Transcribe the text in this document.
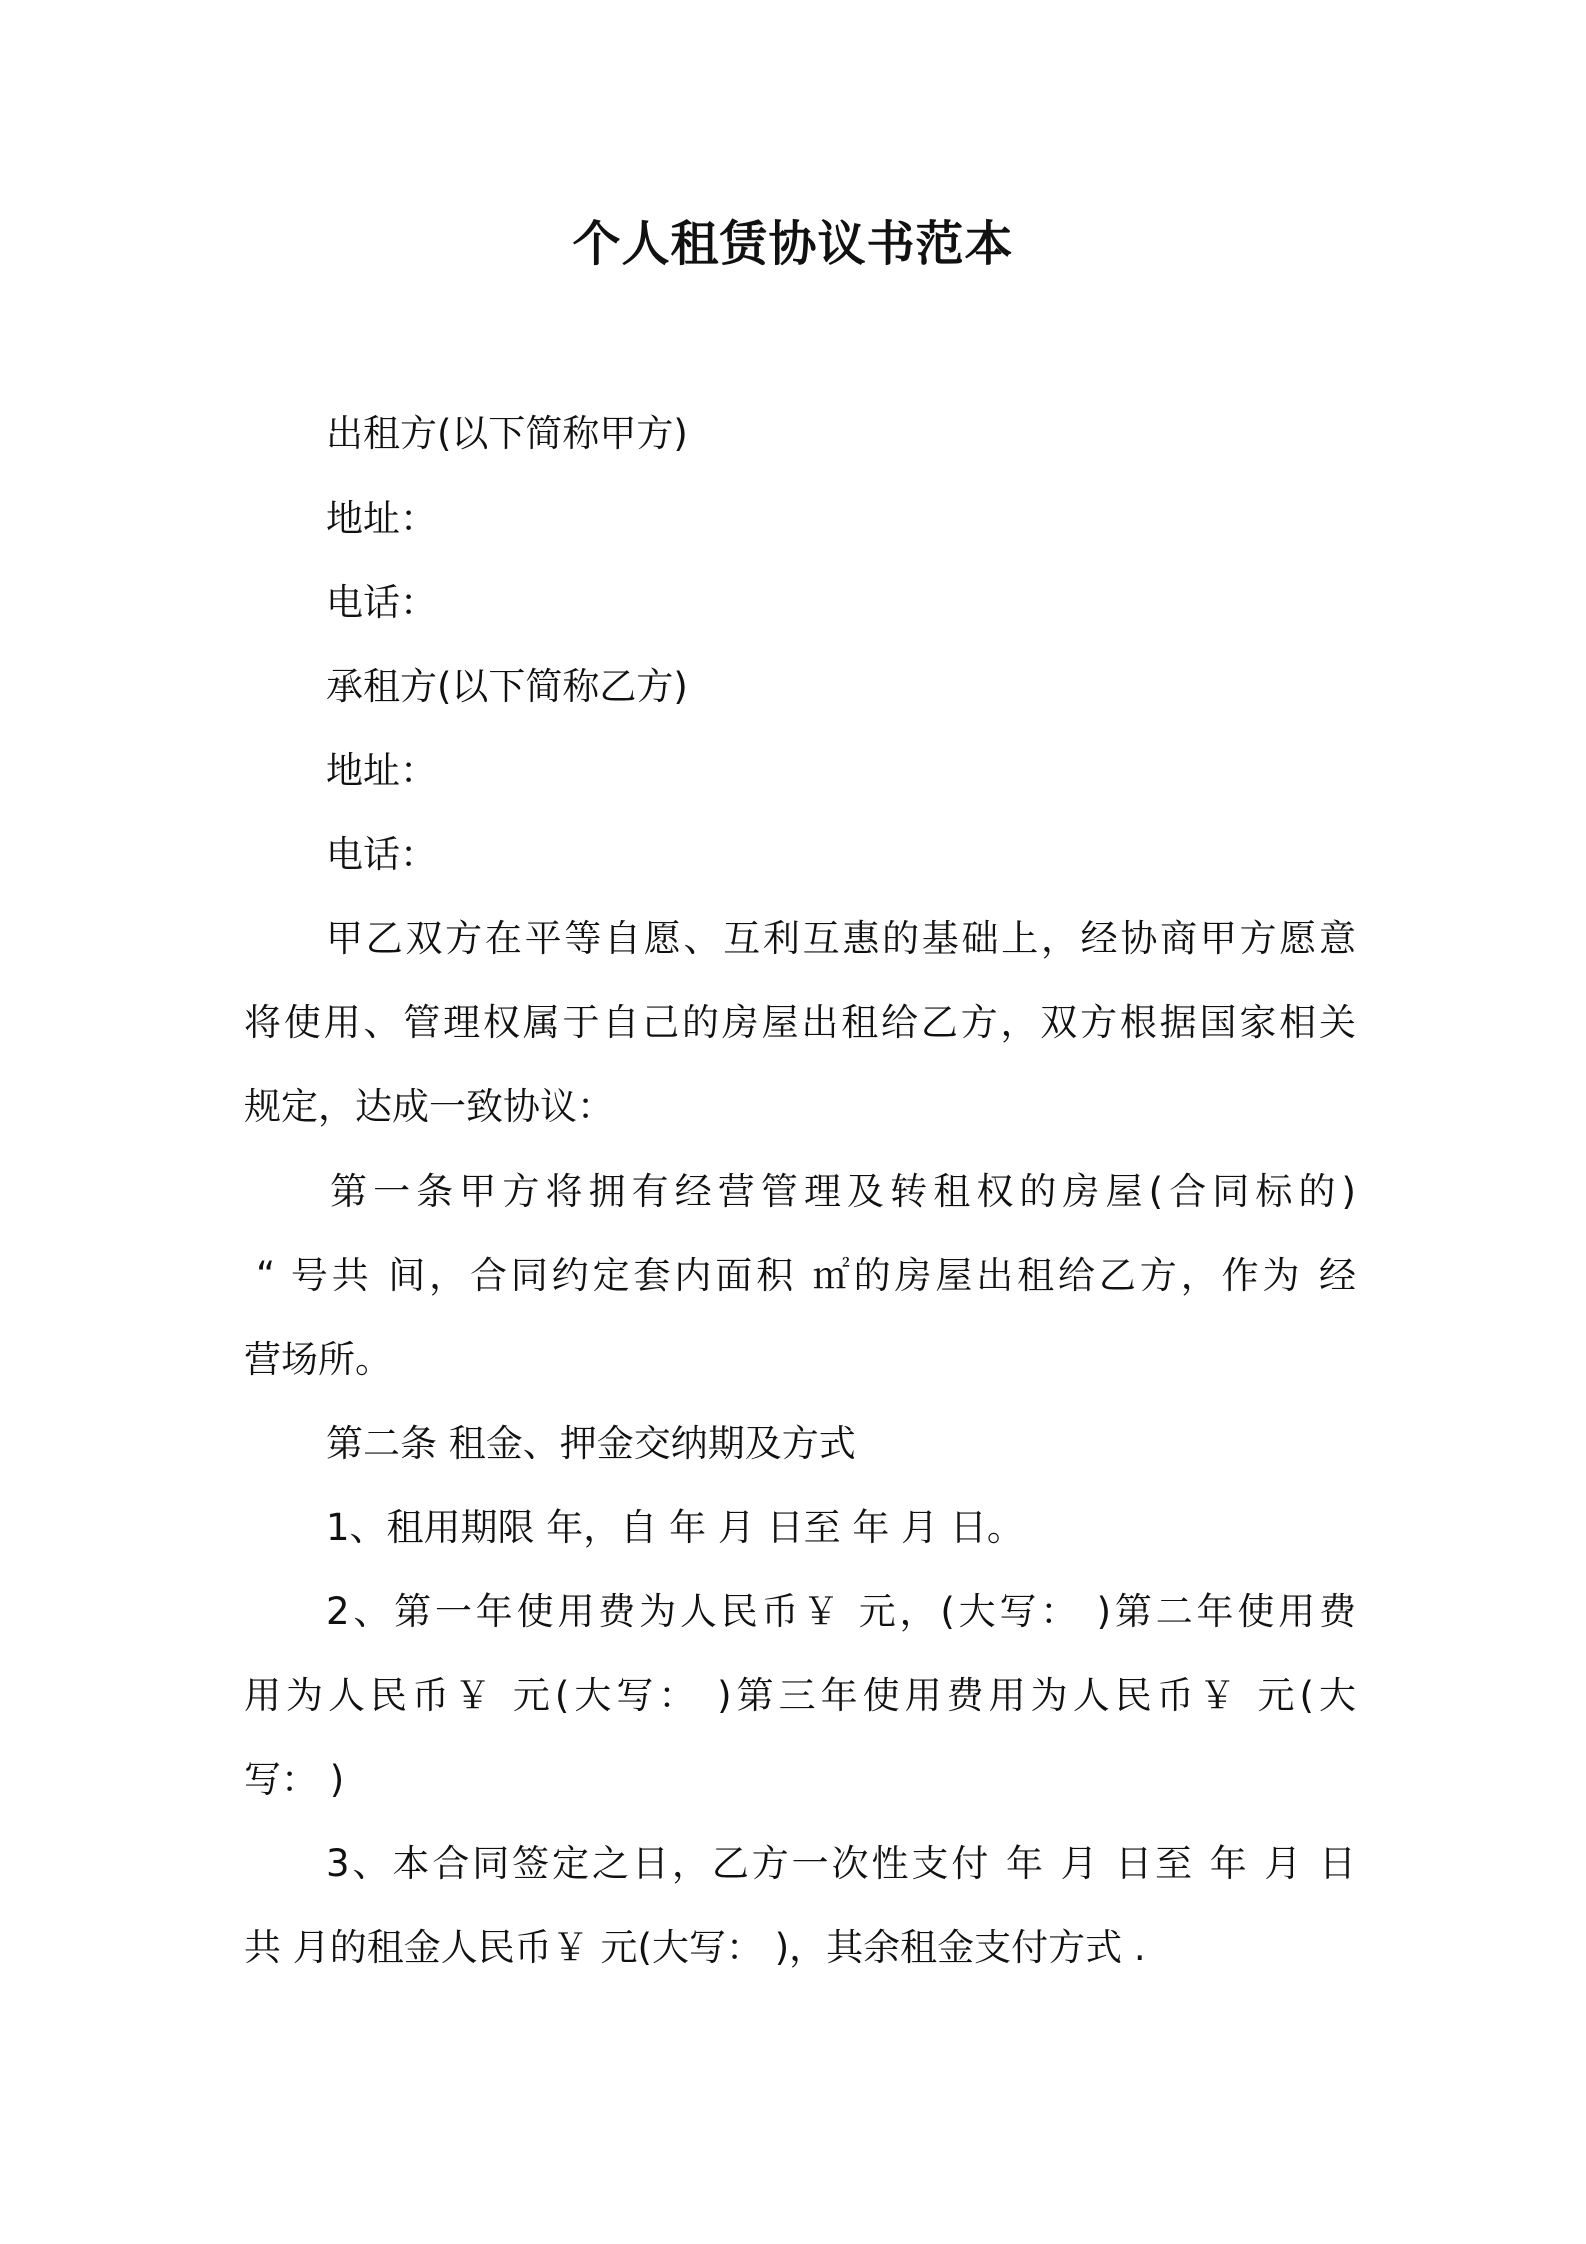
个人租赁协议书范本
出租方(以下简称甲方)
地址：
电话：
承租方(以下简称乙方)
地址：
电话：
甲乙双方在平等自愿、互利互惠的基础上，经协商甲方愿意
将使用、管理权属于自己的房屋出租给乙方，双方根据国家相关
规定，达成一致协议：
第一条甲方将拥有经营管理及转租权的房屋(合同标的)
“ 号共 间，合同约定套内面积 ㎡的房屋出租给乙方，作为 经
营场所。
第二条 租金、押金交纳期及方式
1、租用期限 年，自 年 月 日至 年 月 日。
2、第一年使用费为人民币￥ 元，(大写： )第二年使用费
用为人民币￥ 元(大写： )第三年使用费用为人民币￥ 元(大
写： )
3、本合同签定之日，乙方一次性支付 年 月 日至 年 月 日
共 月的租金人民币￥ 元(大写： )，其余租金支付方式 .
